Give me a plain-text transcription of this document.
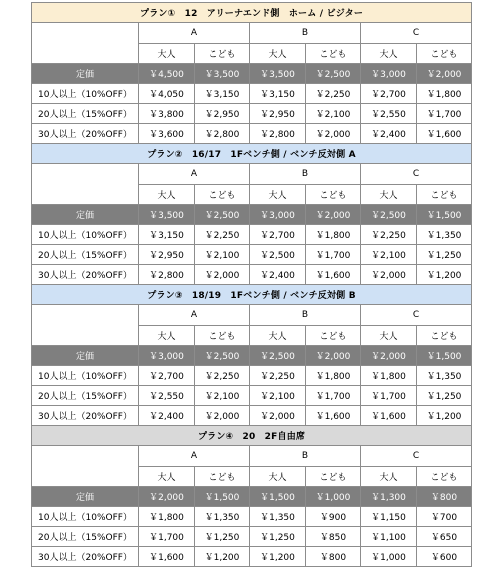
プラン①　12　アリーナエンド側　ホーム / ビジター						
	A		B		C	
	大人	こども	大人	こども	大人	こども
定価	￥4,500	￥3,500	￥3,500	￥2,500	￥3,000	￥2,000
10人以上（10%OFF）	￥4,050	￥3,150	￥3,150	￥2,250	￥2,700	￥1,800
20人以上（15%OFF）	￥3,800	￥2,950	￥2,950	￥2,100	￥2,550	￥1,700
30人以上（20%OFF）	￥3,600	￥2,800	￥2,800	￥2,000	￥2,400	￥1,600
プラン②　16/17　1Fベンチ側 / ベンチ反対側 A						
	A		B		C	
	大人	こども	大人	こども	大人	こども
定価	￥3,500	￥2,500	￥3,000	￥2,000	￥2,500	￥1,500
10人以上（10%OFF）	￥3,150	￥2,250	￥2,700	￥1,800	￥2,250	￥1,350
20人以上（15%OFF）	￥2,950	￥2,100	￥2,500	￥1,700	￥2,100	￥1,250
30人以上（20%OFF）	￥2,800	￥2,000	￥2,400	￥1,600	￥2,000	￥1,200
プラン③　18/19　1Fベンチ側 / ベンチ反対側 B						
	A		B		C	
	大人	こども	大人	こども	大人	こども
定価	￥3,000	￥2,500	￥2,500	￥2,000	￥2,000	￥1,500
10人以上（10%OFF）	￥2,700	￥2,250	￥2,250	￥1,800	￥1,800	￥1,350
20人以上（15%OFF）	￥2,550	￥2,100	￥2,100	￥1,700	￥1,700	￥1,250
30人以上（20%OFF）	￥2,400	￥2,000	￥2,000	￥1,600	￥1,600	￥1,200
プラン④　20　2F自由席						
	A		B		C	
	大人	こども	大人	こども	大人	こども
定価	￥2,000	￥1,500	￥1,500	￥1,000	￥1,300	￥800
10人以上（10%OFF）	￥1,800	￥1,350	￥1,350	￥900	￥1,150	￥700
20人以上（15%OFF）	￥1,700	￥1,250	￥1,250	￥850	￥1,100	￥650
30人以上（20%OFF）	￥1,600	￥1,200	￥1,200	￥800	￥1,000	￥600
